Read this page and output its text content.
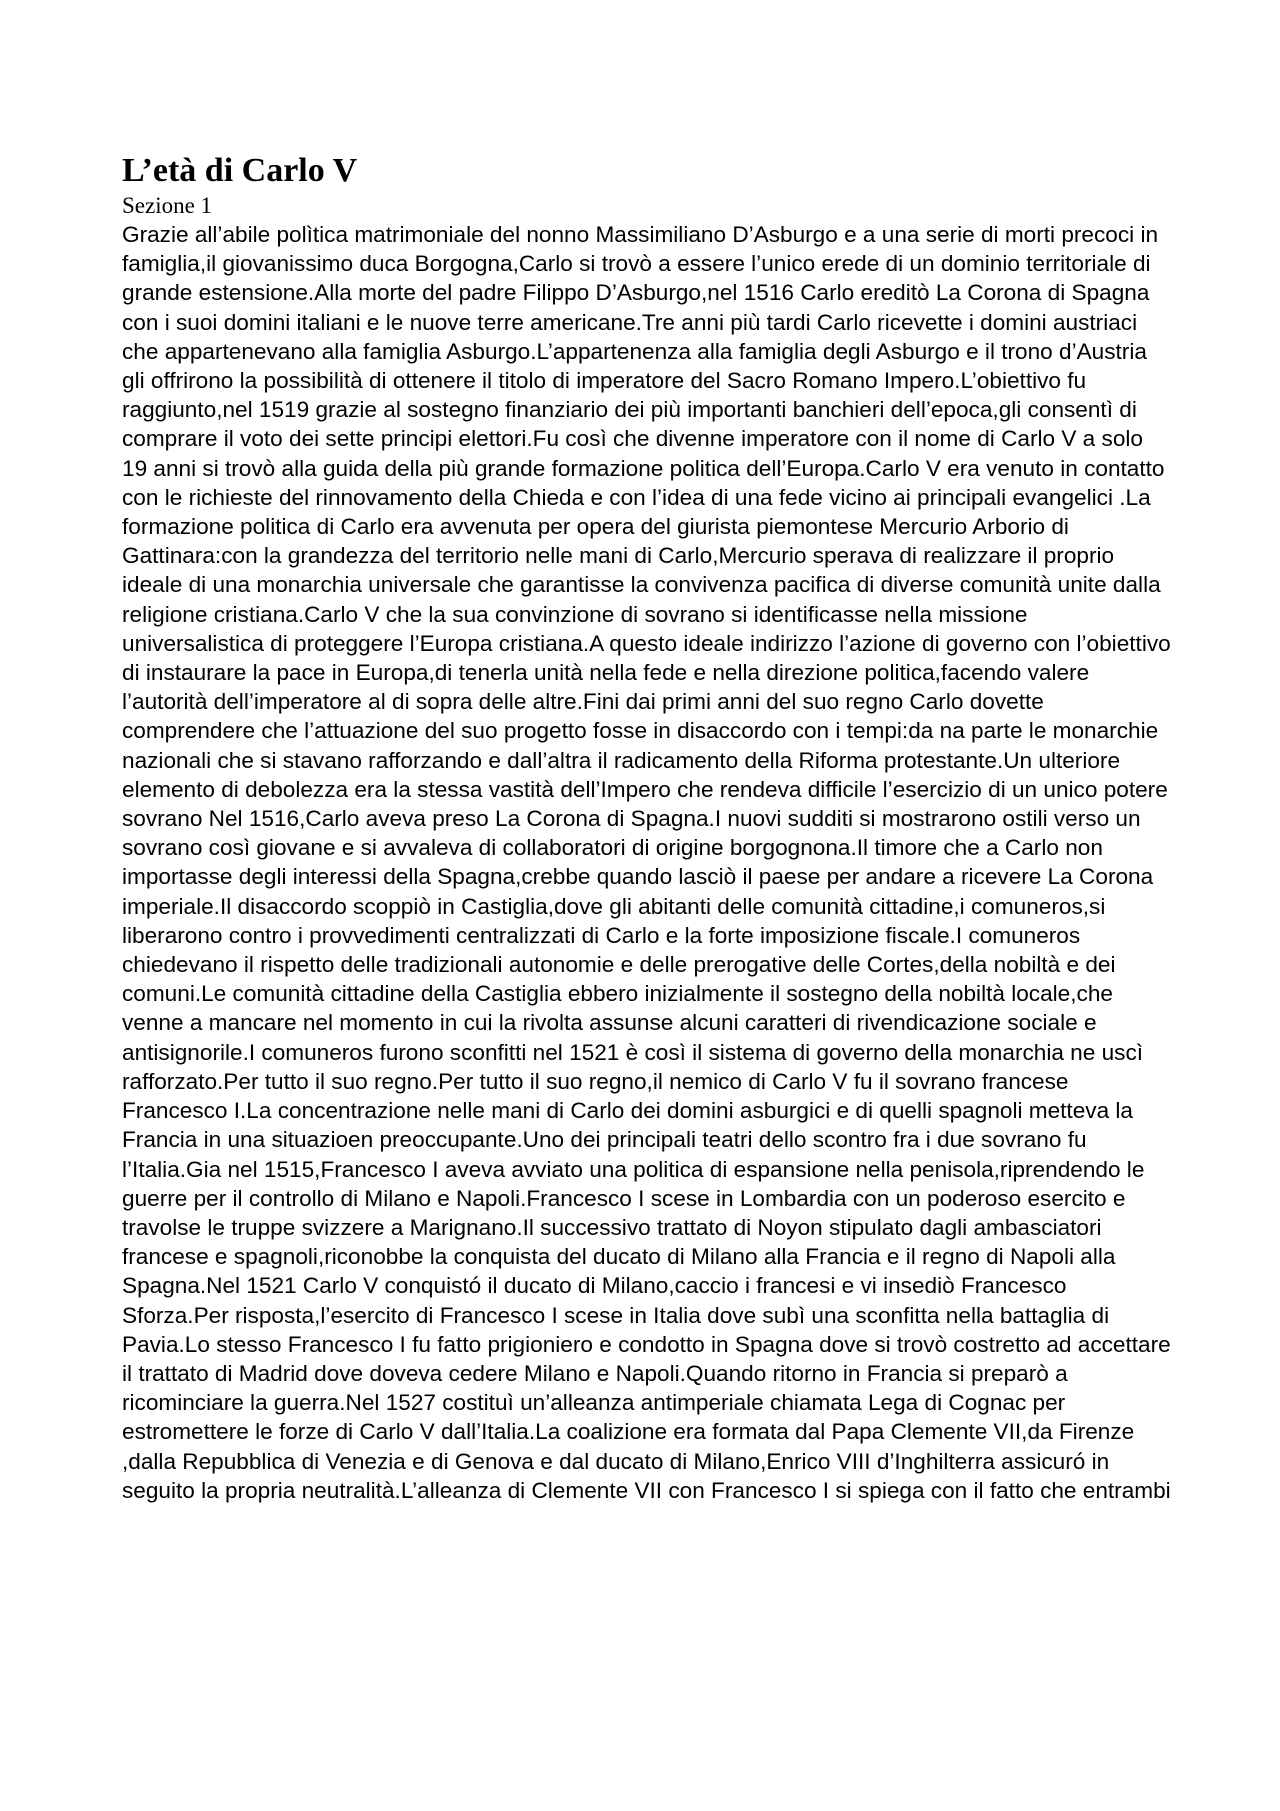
L’età di Carlo V
Sezione 1

Grazie all’abile polìtica matrimoniale del nonno Massimiliano D’Asburgo e a una serie di morti precoci in famiglia,il giovanissimo duca Borgogna,Carlo si trovò a essere l’unico erede di un dominio territoriale di grande estensione.Alla morte del padre Filippo D’Asburgo,nel 1516 Carlo ereditò La Corona di Spagna con i suoi domini italiani e le nuove terre americane.Tre anni più tardi Carlo ricevette i domini austriaci che appartenevano alla famiglia Asburgo.L’appartenenza alla famiglia degli Asburgo e il trono d’Austria gli offrirono la possibilità di ottenere il titolo di imperatore del Sacro Romano Impero.L’obiettivo fu raggiunto,nel 1519 grazie al sostegno finanziario dei più importanti banchieri dell’epoca,gli consentì di comprare il voto dei sette principi elettori.Fu così che divenne imperatore con il nome di Carlo V a solo 19 anni si trovò alla guida della più grande formazione politica dell’Europa.Carlo V era venuto in contatto con le richieste del rinnovamento della Chieda e con l’idea di una fede vicino ai principali evangelici .La formazione politica di Carlo era avvenuta per opera del giurista piemontese Mercurio Arborio di Gattinara:con la grandezza del territorio nelle mani di Carlo,Mercurio sperava di realizzare il proprio ideale di una monarchia universale che garantisse la convivenza pacifica di diverse comunità unite dalla religione cristiana.Carlo V che la sua convinzione di sovrano si identificasse nella missione universalistica di proteggere l’Europa cristiana.A questo ideale indirizzo l’azione di governo con l’obiettivo di instaurare la pace in Europa,di tenerla unità nella fede e nella direzione politica,facendo valere l’autorità dell’imperatore al di sopra delle altre.Fini dai primi anni del suo regno Carlo dovette comprendere che l’attuazione del suo progetto fosse in disaccordo con i tempi:da na parte le monarchie nazionali che si stavano rafforzando e dall’altra il radicamento della Riforma protestante.Un ulteriore elemento di debolezza era la stessa vastità dell’Impero che rendeva difficile l’esercizio di un unico potere sovrano Nel 1516,Carlo aveva preso La Corona di Spagna.I nuovi sudditi si mostrarono ostili verso un sovrano così giovane e si avvaleva di collaboratori di origine borgognona.Il timore che a Carlo non importasse degli interessi della Spagna,crebbe quando lasciò il paese per andare a ricevere La Corona imperiale.Il disaccordo scoppiò in Castiglia,dove gli abitanti delle comunità cittadine,i comuneros,si liberarono contro i provvedimenti centralizzati di Carlo e la forte imposizione fiscale.I comuneros chiedevano il rispetto delle tradizionali autonomie e delle prerogative delle Cortes,della nobiltà e dei comuni.Le comunità cittadine della Castiglia ebbero inizialmente il sostegno della nobiltà locale,che venne a mancare nel momento in cui la rivolta assunse alcuni caratteri di rivendicazione sociale e antisignorile.I comuneros furono sconfitti nel 1521 è così il sistema di governo della monarchia ne uscì rafforzato.Per tutto il suo regno.Per tutto il suo regno,il nemico di Carlo V fu il sovrano francese Francesco I.La concentrazione nelle mani di Carlo dei domini asburgici e di quelli spagnoli metteva la Francia in una situazioen preoccupante.Uno dei principali teatri dello scontro fra i due sovrano fu l’Italia.Gia nel 1515,Francesco I aveva avviato una politica di espansione nella penisola,riprendendo le guerre per il controllo di Milano e Napoli.Francesco I scese in Lombardia con un poderoso esercito e travolse le truppe svizzere a Marignano.Il successivo trattato di Noyon stipulato dagli ambasciatori francese e spagnoli,riconobbe la conquista del ducato di Milano alla Francia e il regno di Napoli alla Spagna.Nel 1521 Carlo V conquistó il ducato di Milano,caccio i francesi e vi insediò Francesco Sforza.Per risposta,l’esercito di Francesco I scese in Italia dove subì una sconfitta nella battaglia di Pavia.Lo stesso Francesco I fu fatto prigioniero e condotto in Spagna dove si trovò costretto ad accettare il trattato di Madrid dove doveva cedere Milano e Napoli.Quando ritorno in Francia si preparò a ricominciare la guerra.Nel 1527 costituì un’alleanza antimperiale chiamata Lega di Cognac per estromettere le forze di Carlo V dall’Italia.La coalizione era formata dal Papa Clemente VII,da Firenze ,dalla Repubblica di Venezia e di Genova e dal ducato di Milano,Enrico VIII d’Inghilterra assicuró in seguito la propria neutralità.L’alleanza di Clemente VII con Francesco I si spiega con il fatto che entrambi
